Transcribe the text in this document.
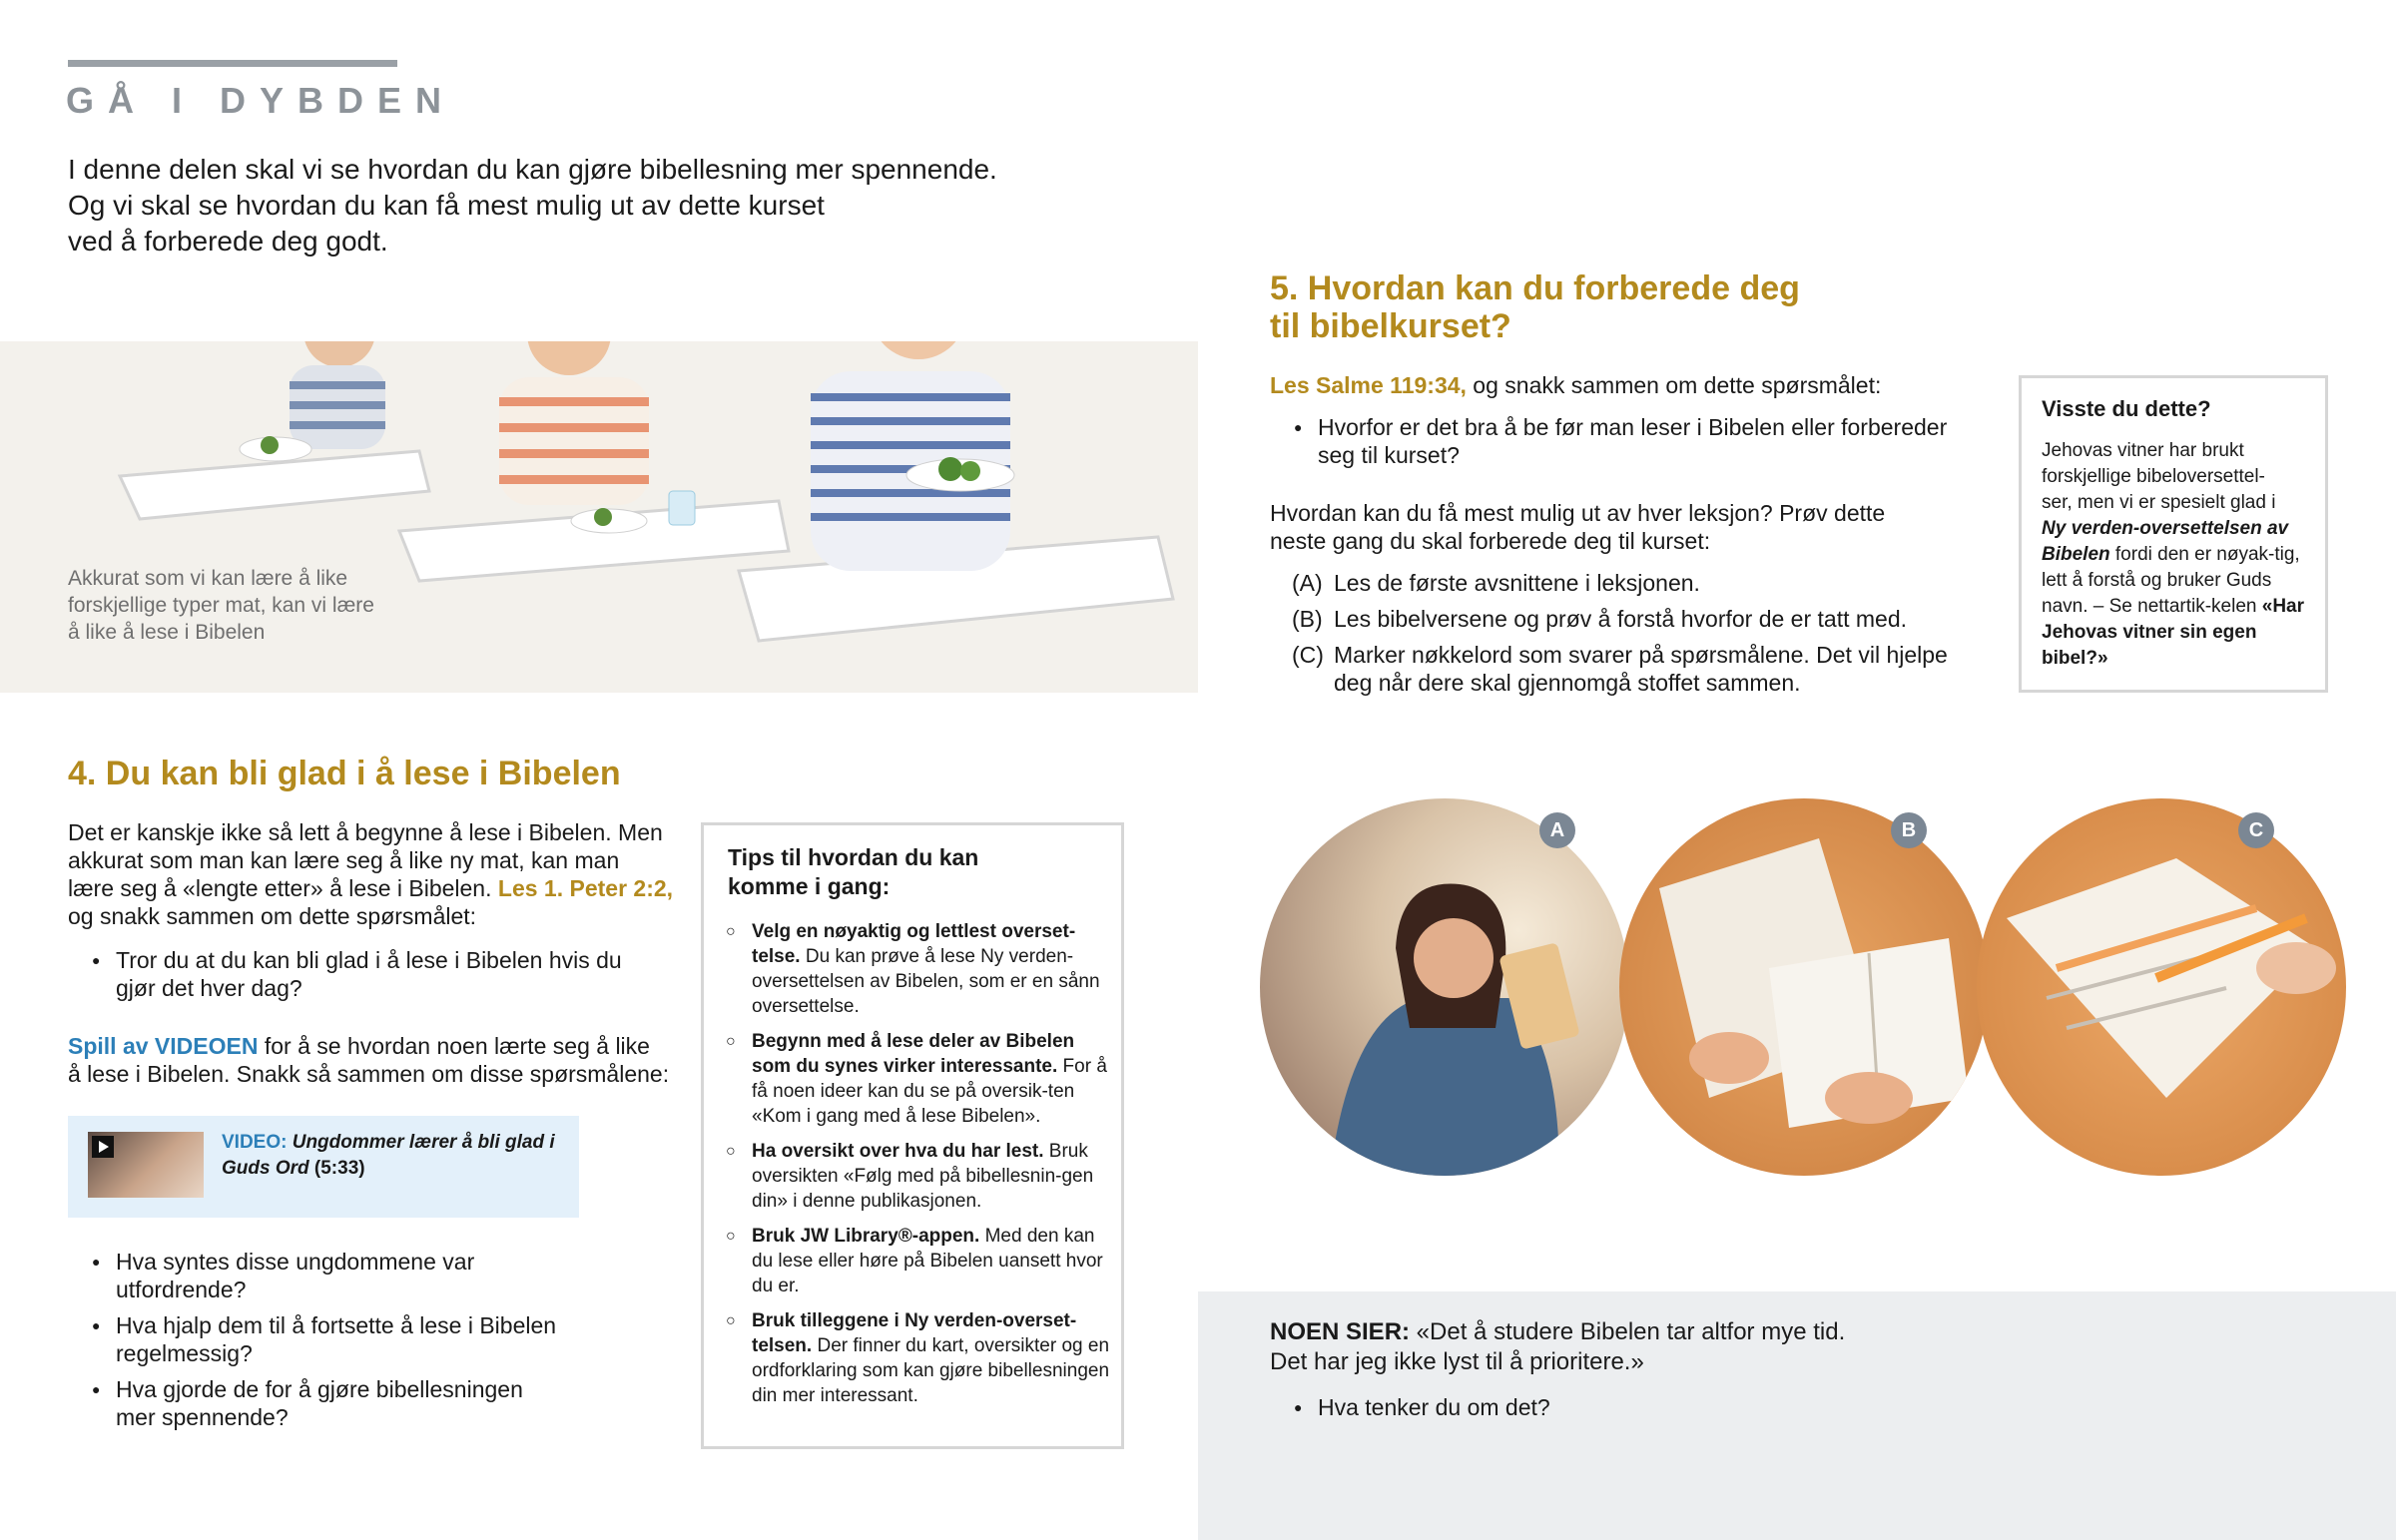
GÅ I DYBDEN
I denne delen skal vi se hvordan du kan gjøre bibellesning mer spennende.
Og vi skal se hvordan du kan få mest mulig ut av dette kurset
ved å forberede deg godt.
Akkurat som vi kan lære å like
forskjellige typer mat, kan vi lære
å like å lese i Bibelen
4. Du kan bli glad i å lese i Bibelen
Det er kanskje ikke så lett å begynne å lese i Bibelen. Men
akkurat som man kan lære seg å like ny mat, kan man
lære seg å «lengte etter» å lese i Bibelen. Les 1. Peter 2:2,
og snakk sammen om dette spørsmålet:
● Tror du at du kan bli glad i å lese i Bibelen hvis du
gjør det hver dag?
Spill av VIDEOEN for å se hvordan noen lærte seg å like
å lese i Bibelen. Snakk så sammen om disse spørsmålene:
VIDEO: Ungdommer lærer å bli glad i
Guds Ord (5:33)
● Hva syntes disse ungdommene var
utfordrende?
● Hva hjalp dem til å fortsette å lese i Bibelen
regelmessig?
● Hva gjorde de for å gjøre bibellesningen
mer spennende?
Tips til hvordan du kan
komme i gang:
○ Velg en nøyaktig og lettlest overset-telse. Du kan prøve å lese Ny verden-oversettelsen av Bibelen, som er en sånn oversettelse.
○ Begynn med å lese deler av Bibelen som du synes virker interessante. For å få noen ideer kan du se på oversik-ten «Kom i gang med å lese Bibelen».
○ Ha oversikt over hva du har lest. Bruk oversikten «Følg med på bibellesnin-gen din» i denne publikasjonen.
○ Bruk JW Library®-appen. Med den kan du lese eller høre på Bibelen uansett hvor du er.
○ Bruk tilleggene i Ny verden-overset-telsen. Der finner du kart, oversikter og en ordforklaring som kan gjøre bibellesningen din mer interessant.
5. Hvordan kan du forberede deg
til bibelkurset?
Les Salme 119:34, og snakk sammen om dette spørsmålet:
● Hvorfor er det bra å be før man leser i Bibelen eller forbereder
seg til kurset?
Hvordan kan du få mest mulig ut av hver leksjon? Prøv dette
neste gang du skal forberede deg til kurset:
(A) Les de første avsnittene i leksjonen.
(B) Les bibelversene og prøv å forstå hvorfor de er tatt med.
(C) Marker nøkkelord som svarer på spørsmålene. Det vil hjelpe deg når dere skal gjennomgå stoffet sammen.
Visste du dette?
Jehovas vitner har brukt
forskjellige bibeloversettel-
ser, men vi er spesielt glad i
Ny verden-oversettelsen av Bibelen fordi den er nøyak-tig, lett å forstå og bruker Guds navn. – Se nettartik-kelen «Har Jehovas vitner sin egen bibel?»
A	B	C
NOEN SIER: «Det å studere Bibelen tar altfor mye tid.
Det har jeg ikke lyst til å prioritere.»
● Hva tenker du om det?
